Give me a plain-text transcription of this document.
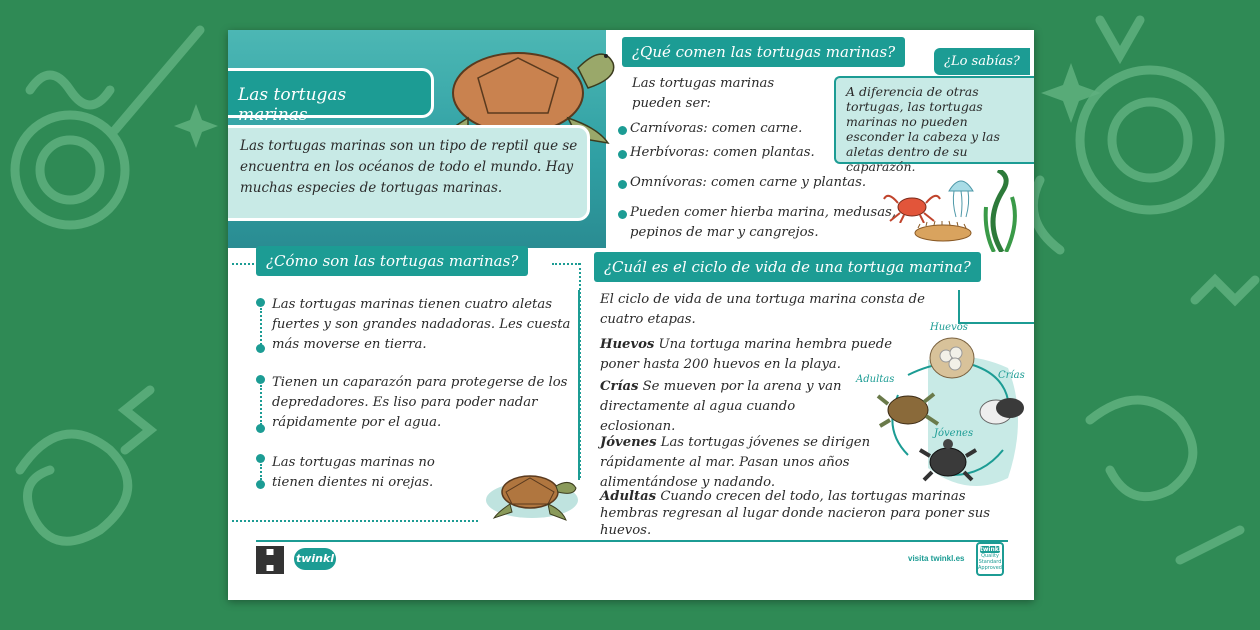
Las tortugas marinas
Las tortugas marinas son un tipo de reptil que se encuentra en los océanos de todo el mundo. Hay muchas especies de tortugas marinas.
¿Qué comen las tortugas marinas?
Las tortugas marinas pueden ser:
Carnívoras: comen carne.
Herbívoras: comen plantas.
Omnívoras: comen carne y plantas.
Pueden comer hierba marina, medusas, pepinos de mar y cangrejos.
¿Lo sabías?
A diferencia de otras tortugas, las tortugas marinas no pueden esconder la cabeza y las aletas dentro de su caparazón.
¿Cómo son las tortugas marinas?
Las tortugas marinas tienen cuatro aletas fuertes y son grandes nadadoras. Les cuesta más moverse en tierra.
Tienen un caparazón para protegerse de los depredadores. Es liso para poder nadar rápidamente por el agua.
Las tortugas marinas no tienen dientes ni orejas.
¿Cuál es el ciclo de vida de una tortuga marina?
El ciclo de vida de una tortuga marina consta de cuatro etapas.
Huevos Una tortuga marina hembra puede poner hasta 200 huevos en la playa.
Crías Se mueven por la arena y van directamente al agua cuando eclosionan.
Jóvenes Las tortugas jóvenes se dirigen rápidamente al mar. Pasan unos años alimentándose y nadando.
Adultas Cuando crecen del todo, las tortugas marinas hembras regresan al lugar donde nacieron para poner sus huevos.
Huevos
Crías
Jóvenes
Adultas
twinkl	visita twinkl.es
twinkl
Quality Standard Approved
